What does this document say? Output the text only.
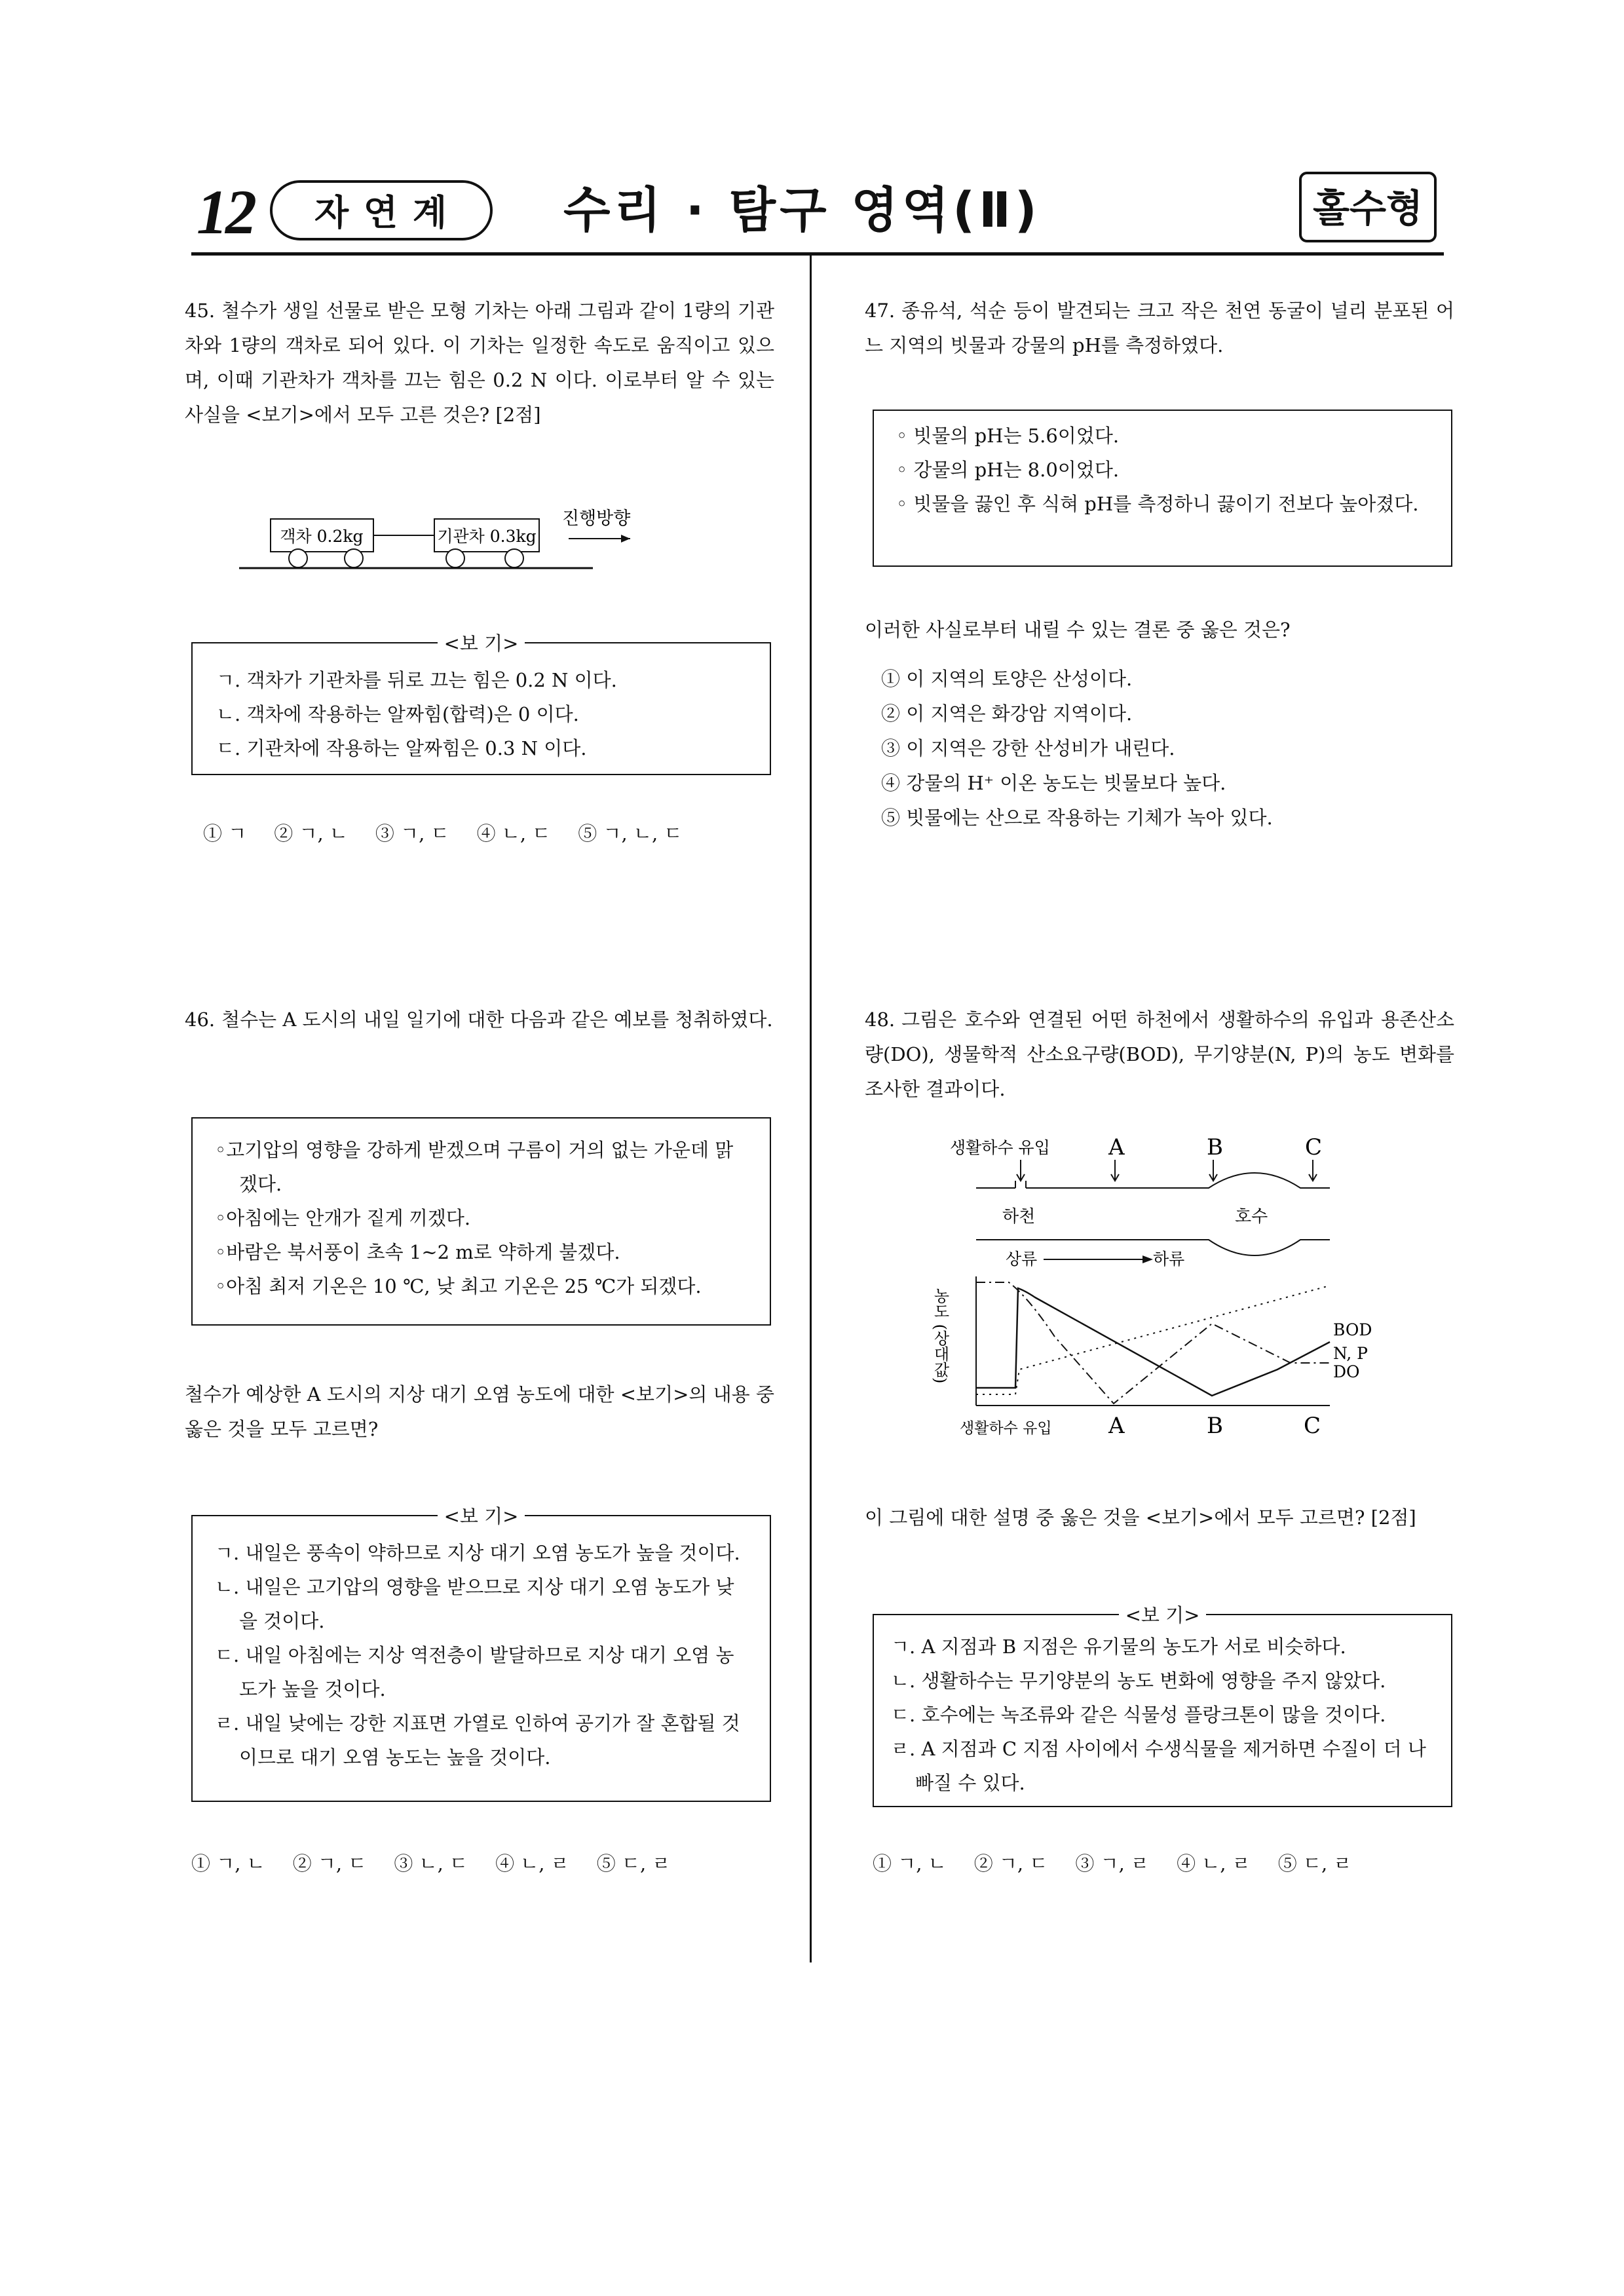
12	자 연 계	수리 · 탐구 영역(Ⅱ)	홀수형
45. 철수가 생일 선물로 받은 모형 기차는 아래 그림과 같이 1량의 기관차와 1량의 객차로 되어 있다. 이 기차는 일정한 속도로 움직이고 있으며, 이때 기관차가 객차를 끄는 힘은 0.2 N 이다. 이로부터 알 수 있는 사실을 <보기>에서 모두 고른 것은? [2점]
객차 0.2kg	기관차 0.3kg
진행방향
<보 기>
ㄱ. 객차가 기관차를 뒤로 끄는 힘은 0.2 N 이다.
ㄴ. 객차에 작용하는 알짜힘(합력)은 0 이다.
ㄷ. 기관차에 작용하는 알짜힘은 0.3 N 이다.
① ㄱ ② ㄱ, ㄴ ③ ㄱ, ㄷ ④ ㄴ, ㄷ ⑤ ㄱ, ㄴ, ㄷ
46. 철수는 A 도시의 내일 일기에 대한 다음과 같은 예보를 청취하였다.
◦고기압의 영향을 강하게 받겠으며 구름이 거의 없는 가운데 맑겠다.
◦아침에는 안개가 짙게 끼겠다.
◦바람은 북서풍이 초속 1~2 m로 약하게 불겠다.
◦아침 최저 기온은 10 ℃, 낮 최고 기온은 25 ℃가 되겠다.
철수가 예상한 A 도시의 지상 대기 오염 농도에 대한 <보기>의 내용 중 옳은 것을 모두 고르면?
<보 기>
ㄱ. 내일은 풍속이 약하므로 지상 대기 오염 농도가 높을 것이다.
ㄴ. 내일은 고기압의 영향을 받으므로 지상 대기 오염 농도가 낮을 것이다.
ㄷ. 내일 아침에는 지상 역전층이 발달하므로 지상 대기 오염 농도가 높을 것이다.
ㄹ. 내일 낮에는 강한 지표면 가열로 인하여 공기가 잘 혼합될 것이므로 대기 오염 농도는 높을 것이다.
① ㄱ, ㄴ ② ㄱ, ㄷ ③ ㄴ, ㄷ ④ ㄴ, ㄹ ⑤ ㄷ, ㄹ
47. 종유석, 석순 등이 발견되는 크고 작은 천연 동굴이 널리 분포된 어느 지역의 빗물과 강물의 pH를 측정하였다.
◦ 빗물의 pH는 5.6이었다.
◦ 강물의 pH는 8.0이었다.
◦ 빗물을 끓인 후 식혀 pH를 측정하니 끓이기 전보다 높아졌다.
이러한 사실로부터 내릴 수 있는 결론 중 옳은 것은?
① 이 지역의 토양은 산성이다.
② 이 지역은 화강암 지역이다.
③ 이 지역은 강한 산성비가 내린다.
④ 강물의 H⁺ 이온 농도는 빗물보다 높다.
⑤ 빗물에는 산으로 작용하는 기체가 녹아 있다.
48. 그림은 호수와 연결된 어떤 하천에서 생활하수의 유입과 용존산소량(DO), 생물학적 산소요구량(BOD), 무기양분(N, P)의 농도 변화를 조사한 결과이다.
생활하수 유입	A	B	C
하천	호수
상류	하류
농도 (상대값)	BOD
N, P
DO
생활하수 유입	A	B	C
이 그림에 대한 설명 중 옳은 것을 <보기>에서 모두 고르면? [2점]
<보 기>
ㄱ. A 지점과 B 지점은 유기물의 농도가 서로 비슷하다.
ㄴ. 생활하수는 무기양분의 농도 변화에 영향을 주지 않았다.
ㄷ. 호수에는 녹조류와 같은 식물성 플랑크톤이 많을 것이다.
ㄹ. A 지점과 C 지점 사이에서 수생식물을 제거하면 수질이 더 나빠질 수 있다.
① ㄱ, ㄴ ② ㄱ, ㄷ ③ ㄱ, ㄹ ④ ㄴ, ㄹ ⑤ ㄷ, ㄹ
